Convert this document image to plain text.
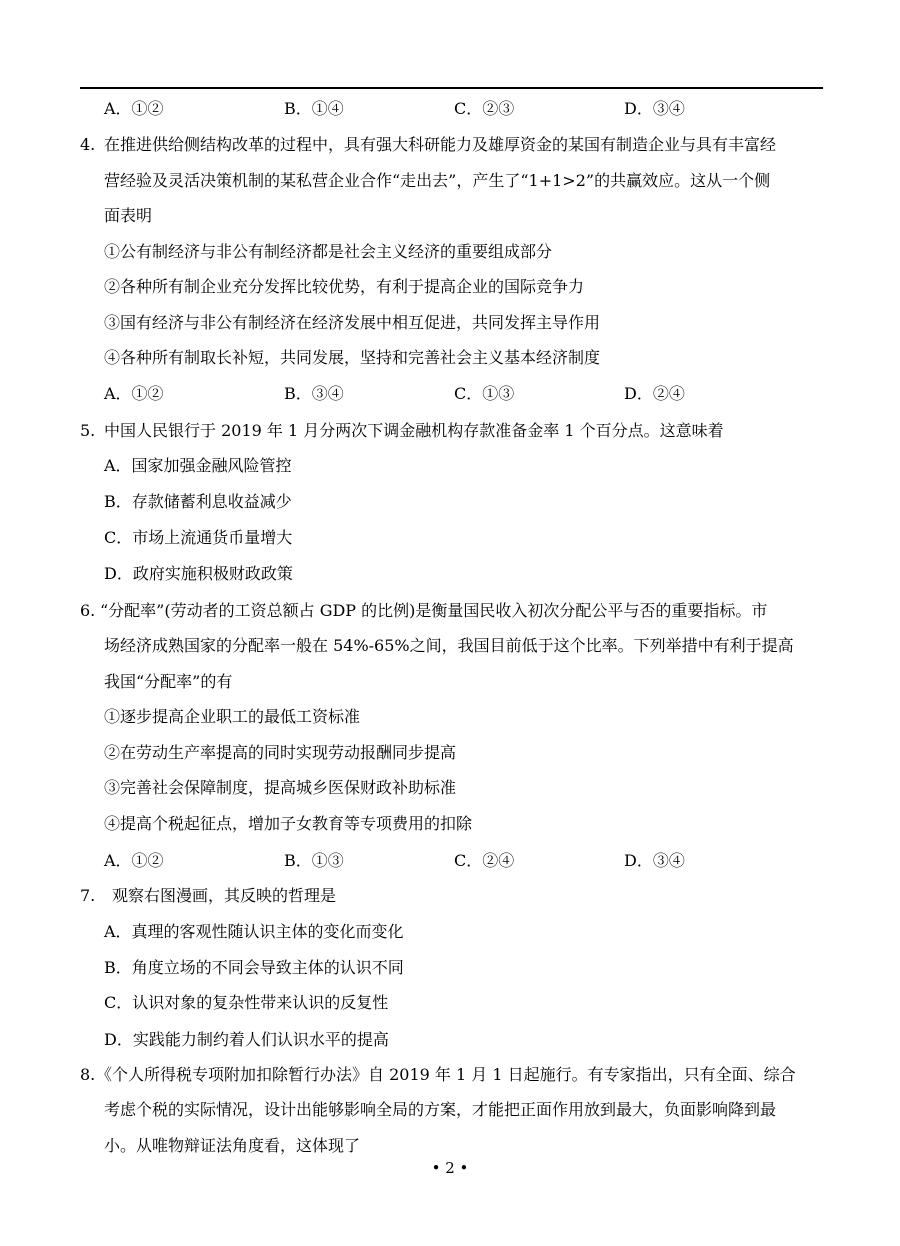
A．①②	B．①④	C．②③	D．③④
4. 在推进供给侧结构改革的过程中，具有强大科研能力及雄厚资金的某国有制造企业与具有丰富经
营经验及灵活决策机制的某私营企业合作“走出去”，产生了“1+1>2”的共赢效应。这从一个侧
面表明
①公有制经济与非公有制经济都是社会主义经济的重要组成部分
②各种所有制企业充分发挥比较优势，有利于提高企业的国际竞争力
③国有经济与非公有制经济在经济发展中相互促进，共同发挥主导作用
④各种所有制取长补短，共同发展，坚持和完善社会主义基本经济制度
A．①②	B．③④	C．①③	D．②④
5. 中国人民银行于 2019 年 1 月分两次下调金融机构存款准备金率 1 个百分点。这意味着
A．国家加强金融风险管控
B．存款储蓄利息收益减少
C．市场上流通货币量增大
D．政府实施积极财政政策
6. “分配率”(劳动者的工资总额占 GDP 的比例)是衡量国民收入初次分配公平与否的重要指标。市
场经济成熟国家的分配率一般在 54%-65%之间，我国目前低于这个比率。下列举措中有利于提高
我国“分配率”的有
①逐步提高企业职工的最低工资标准
②在劳动生产率提高的同时实现劳动报酬同步提高
③完善社会保障制度，提高城乡医保财政补助标准
④提高个税起征点，增加子女教育等专项费用的扣除
A．①②	B．①③	C．②④	D．③④
7. 观察右图漫画，其反映的哲理是
A．真理的客观性随认识主体的变化而变化
B．角度立场的不同会导致主体的认识不同
C．认识对象的复杂性带来认识的反复性
D．实践能力制约着人们认识水平的提高
8. 《个人所得税专项附加扣除暂行办法》自 2019 年 1 月 1 日起施行。有专家指出，只有全面、综合
考虑个税的实际情况，设计出能够影响全局的方案，才能把正面作用放到最大，负面影响降到最
小。从唯物辩证法角度看，这体现了
• 2 •
